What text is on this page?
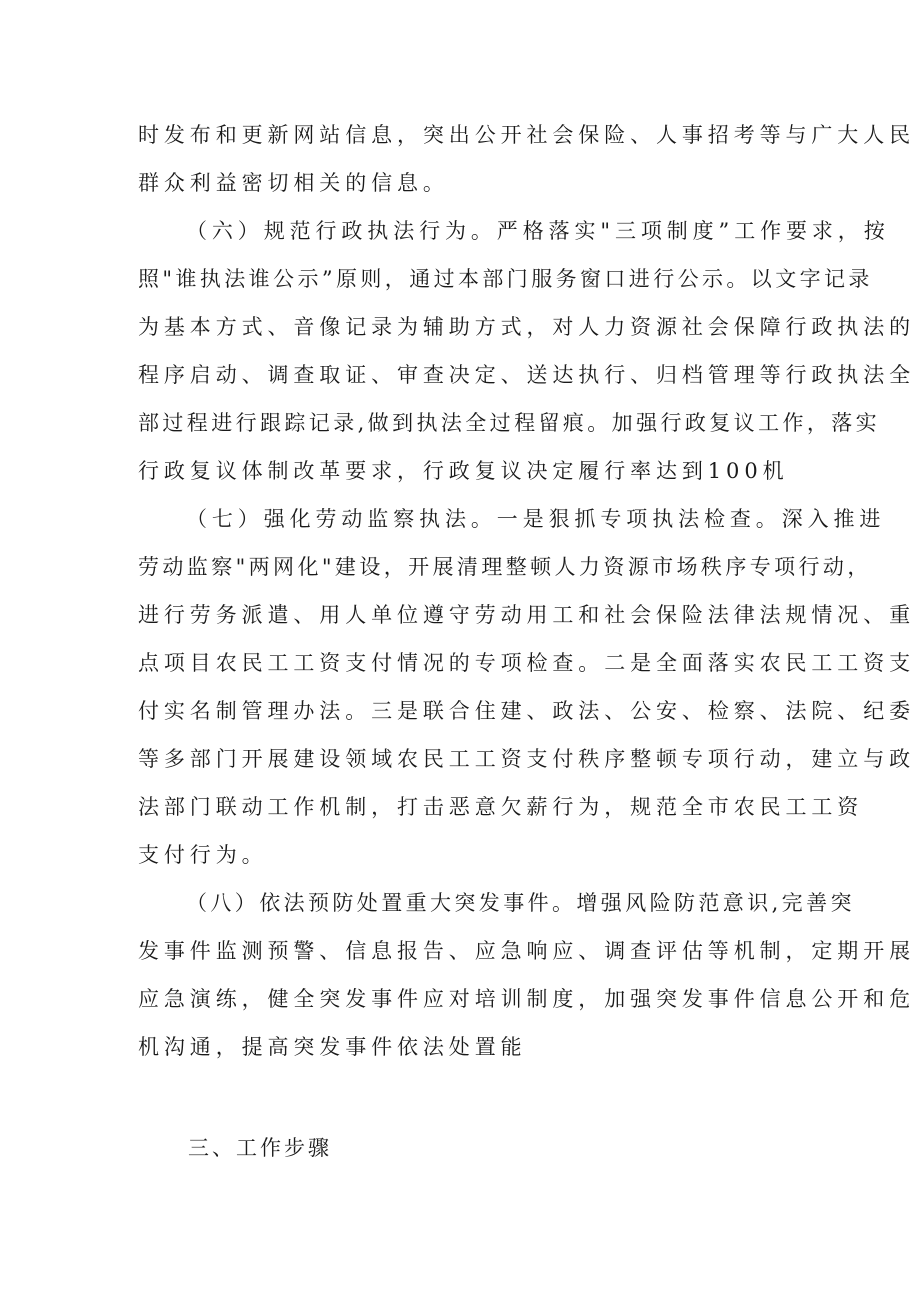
时发布和更新网站信息，突出公开社会保险、人事招考等与广大人民
群众利益密切相关的信息。
（六）规范行政执法行为。严格落实"三项制度”工作要求，按
照"谁执法谁公示”原则，通过本部门服务窗口进行公示。以文字记录
为基本方式、音像记录为辅助方式，对人力资源社会保障行政执法的
程序启动、调查取证、审查决定、送达执行、归档管理等行政执法全
部过程进行跟踪记录,做到执法全过程留痕。加强行政复议工作，落实
行政复议体制改革要求，行政复议决定履行率达到100机
（七）强化劳动监察执法。一是狠抓专项执法检查。深入推进
劳动监察"两网化"建设，开展清理整顿人力资源市场秩序专项行动，
进行劳务派遣、用人单位遵守劳动用工和社会保险法律法规情况、重
点项目农民工工资支付情况的专项检查。二是全面落实农民工工资支
付实名制管理办法。三是联合住建、政法、公安、检察、法院、纪委
等多部门开展建设领域农民工工资支付秩序整顿专项行动，建立与政
法部门联动工作机制，打击恶意欠薪行为，规范全市农民工工资
支付行为。
（八）依法预防处置重大突发事件。增强风险防范意识,完善突
发事件监测预警、信息报告、应急响应、调查评估等机制，定期开展
应急演练，健全突发事件应对培训制度，加强突发事件信息公开和危
机沟通，提高突发事件依法处置能
三、工作步骤
